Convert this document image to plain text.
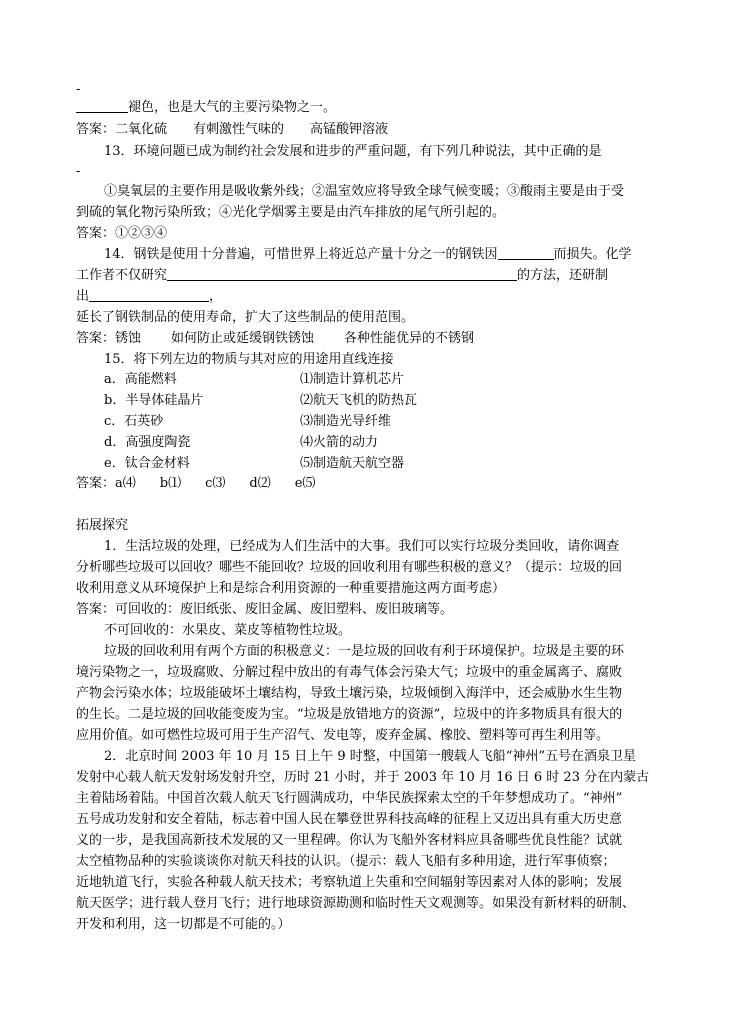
-
褪色，也是大气的主要污染物之一。
答案：二氧化硫 有刺激性气味的 高锰酸钾溶液
13．环境问题已成为制约社会发展和进步的严重问题，有下列几种说法，其中正确的是
-
①臭氧层的主要作用是吸收紫外线；②温室效应将导致全球气候变暖；③酸雨主要是由于受
到硫的氧化物污染所致；④光化学烟雾主要是由汽车排放的尾气所引起的。
答案：①②③④
14．钢铁是使用十分普遍，可惜世界上将近总产量十分之一的钢铁因	而损失。化学
工作者不仅研究	的方法，还研制
出	，
延长了钢铁制品的使用寿命，扩大了这些制品的使用范围。
答案：锈蚀 如何防止或延缓钢铁锈蚀 各种性能优异的不锈钢
15．将下列左边的物质与其对应的用途用直线连接
a．高能燃料	⑴制造计算机芯片
b．半导体硅晶片	⑵航天飞机的防热瓦
c．石英砂	⑶制造光导纤维
d．高强度陶瓷	⑷火箭的动力
e．钛合金材料	⑸制造航天航空器
答案：a⑷ b⑴ c⑶ d⑵ e⑸
拓展探究
1．生活垃圾的处理，已经成为人们生活中的大事。我们可以实行垃圾分类回收，请你调查
分析哪些垃圾可以回收？哪些不能回收？垃圾的回收利用有哪些积极的意义？（提示：垃圾的回
收利用意义从环境保护上和是综合利用资源的一种重要措施这两方面考虑）
答案：可回收的：废旧纸张、废旧金属、废旧塑料、废旧玻璃等。
不可回收的：水果皮、菜皮等植物性垃圾。
垃圾的回收利用有两个方面的积极意义：一是垃圾的回收有利于环境保护。垃圾是主要的环
境污染物之一，垃圾腐败、分解过程中放出的有毒气体会污染大气；垃圾中的重金属离子、腐败
产物会污染水体；垃圾能破坏土壤结构，导致土壤污染，垃圾倾倒入海洋中，还会威胁水生生物
的生长。二是垃圾的回收能变废为宝。“垃圾是放错地方的资源”，垃圾中的许多物质具有很大的
应用价值。如可燃性垃圾可用于生产沼气、发电等，废弃金属、橡胶、塑料等可再生利用等。
2．北京时间 2003 年 10 月 15 日上午 9 时整，中国第一艘载人飞船“神州”五号在酒泉卫星
发射中心载人航天发射场发射升空，历时 21 小时，并于 2003 年 10 月 16 日 6 时 23 分在内蒙古
主着陆场着陆。中国首次载人航天飞行圆满成功，中华民族探索太空的千年梦想成功了。“神州”
五号成功发射和安全着陆，标志着中国人民在攀登世界科技高峰的征程上又迈出具有重大历史意
义的一步，是我国高新技术发展的又一里程碑。你认为飞船外客材料应具备哪些优良性能？试就
太空植物品种的实验谈谈你对航天科技的认识。（提示：载人飞船有多种用途，进行军事侦察；
近地轨道飞行，实验各种载人航天技术；考察轨道上失重和空间辐射等因素对人体的影响；发展
航天医学；进行载人登月飞行；进行地球资源勘测和临时性天文观测等。如果没有新材料的研制、
开发和利用，这一切都是不可能的。）
